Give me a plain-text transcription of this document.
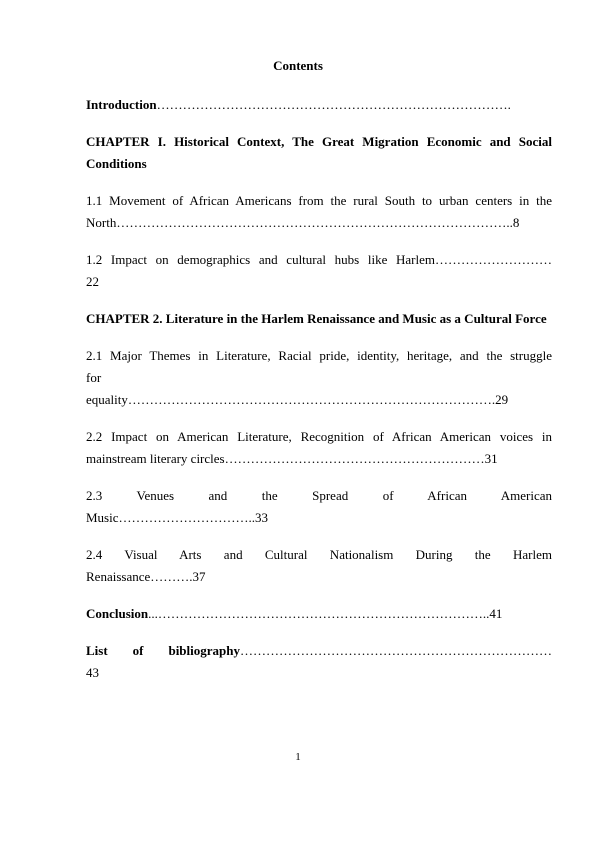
Contents

Introduction……………………………………………………………………….

CHAPTER I. Historical Context, The Great Migration Economic and Social Conditions

1.1 Movement of African Americans from the rural South to urban centers in the
North………………………………………………………………………………..8

1.2 Impact on demographics and cultural hubs like Harlem………………………
22

CHAPTER 2. Literature in the Harlem Renaissance and Music as a Cultural Force

2.1 Major Themes in Literature, Racial pride, identity, heritage, and the struggle
for
equality………………………………………………………………………….29

2.2 Impact on American Literature, Recognition of African American voices in
mainstream literary circles……………………………………………………31

2.3 Venues and the Spread of African American
Music…………………………..33

2.4 Visual Arts and Cultural Nationalism During the Harlem
Renaissance……….37

Conclusion...…………………………………………………………………..41

List of bibliography………………………………………………………………
43

1
